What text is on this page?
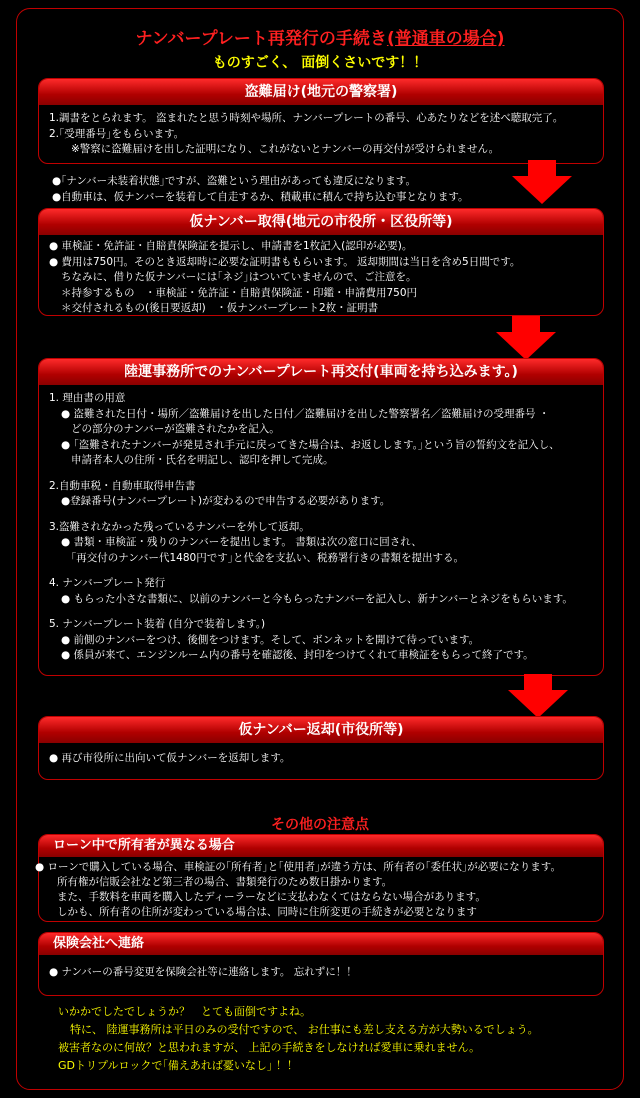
ナンバープレート再発行の手続き(普通車の場合)
ものすごく、 面倒くさいです！！
盗難届け(地元の警察署)
1.調書をとられます。 盗まれたと思う時刻や場所、ナンバープレートの番号、心あたりなどを述べ聴取完了。
2.｢受理番号｣をもらいます。
※警察に盗難届けを出した証明になり、これがないとナンバーの再交付が受けられません。
●｢ナンバー未装着状態｣ですが、盗難という理由があっても違反になります。
●自動車は、仮ナンバーを装着して自走するか、積載車に積んで持ち込む事となります。
仮ナンバー取得(地元の市役所・区役所等)
● 車検証・免許証・自賠責保険証を提示し、申請書を1枚記入(認印が必要)。
● 費用は750円。そのとき返却時に必要な証明書ももらいます。 返却期間は当日を含め5日間です。
ちなみに、借りた仮ナンバーには｢ネジ｣はついていませんので、ご注意を。
＊持参するもの　・車検証・免許証・自賠責保険証・印鑑・申請費用750円
＊交付されるもの(後日要返却)　・仮ナンバープレート2枚・証明書
陸運事務所でのナンバープレート再交付(車両を持ち込みます。)
1. 理由書の用意
● 盗難された日付・場所／盗難届けを出した日付／盗難届けを出した警察署名／盗難届けの受理番号 ・
どの部分のナンバーが盗難されたかを記入。
● ｢盗難されたナンバーが発見され手元に戻ってきた場合は、お返しします。｣という旨の誓約文を記入し、
申請者本人の住所・氏名を明記し、認印を押して完成。
2.自動車税・自動車取得申告書
●登録番号(ナンバープレート)が変わるので申告する必要があります。
3.盗難されなかった残っているナンバーを外して返却。
● 書類・車検証・残りのナンバーを提出します。 書類は次の窓口に回され、
｢再交付のナンバー代1480円です｣と代金を支払い、税務署行きの書類を提出する。
4. ナンバープレート発行
● もらった小さな書類に、以前のナンバーと今もらったナンバーを記入し、新ナンバーとネジをもらいます。
5. ナンバープレート装着 (自分で装着します。)
● 前側のナンバーをつけ、後側をつけます。そして、ボンネットを開けて待っています。
● 係員が来て、エンジンルーム内の番号を確認後、封印をつけてくれて車検証をもらって終了です。
仮ナンバー返却(市役所等)
● 再び市役所に出向いて仮ナンバーを返却します。
その他の注意点
ローン中で所有者が異なる場合
● ローンで購入している場合、車検証の｢所有者｣と｢使用者｣が違う方は、所有者の｢委任状｣が必要になります。
所有権が信販会社など第三者の場合、書類発行のため数日掛かります。
また、手数料を車両を購入したディーラーなどに支払わなくてはならない場合があります。
しかも、所有者の住所が変わっている場合は、同時に住所変更の手続きが必要となります
保険会社へ連絡
● ナンバーの番号変更を保険会社等に連絡します。 忘れずに！！
いかかでしたでしょうか？　とても面倒ですよね。
特に、 陸運事務所は平日のみの受付ですので、 お仕事にも差し支える方が大勢いるでしょう。
被害者なのに何故？と思われますが、 上記の手続きをしなければ愛車に乗れません。
GDトリプルロックで｢備えあれば憂いなし｣ ！！
